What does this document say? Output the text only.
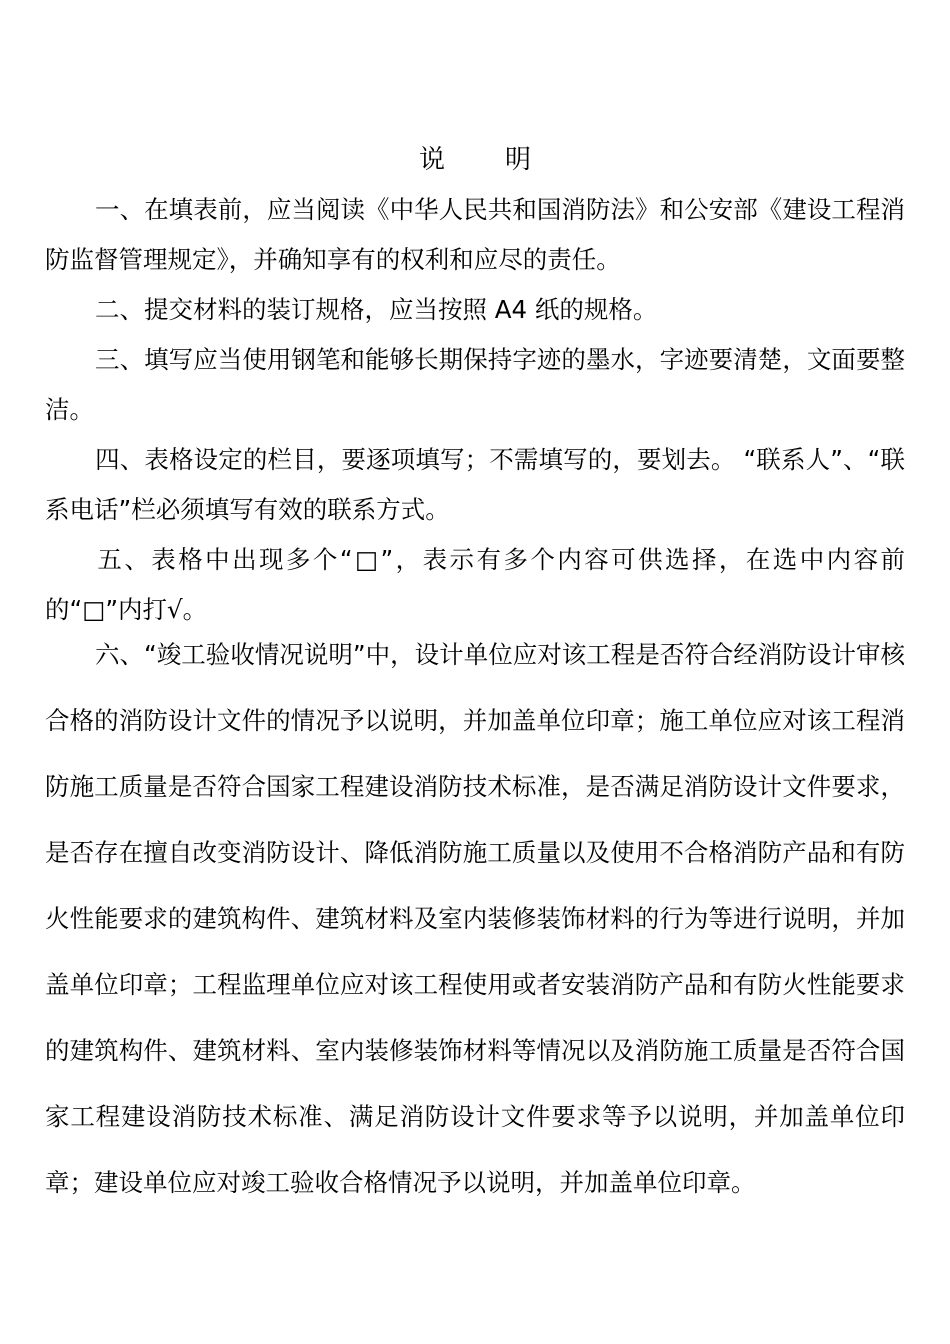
说 明

一、在填表前，应当阅读《中华人民共和国消防法》和公安部《建设工程消防监督管理规定》，并确知享有的权利和应尽的责任。

二、提交材料的装订规格，应当按照 A4 纸的规格。

三、填写应当使用钢笔和能够长期保持字迹的墨水，字迹要清楚，文面要整洁。

四、表格设定的栏目，要逐项填写；不需填写的，要划去。 “联系人”、“联系电话”栏必须填写有效的联系方式。

五、表格中出现多个“□”，表示有多个内容可供选择，在选中内容前的“□”内打√。

六、“竣工验收情况说明”中，设计单位应对该工程是否符合经消防设计审核合格的消防设计文件的情况予以说明，并加盖单位印章；施工单位应对该工程消防施工质量是否符合国家工程建设消防技术标准，是否满足消防设计文件要求，是否存在擅自改变消防设计、降低消防施工质量以及使用不合格消防产品和有防火性能要求的建筑构件、建筑材料及室内装修装饰材料的行为等进行说明，并加盖单位印章；工程监理单位应对该工程使用或者安装消防产品和有防火性能要求的建筑构件、建筑材料、室内装修装饰材料等情况以及消防施工质量是否符合国家工程建设消防技术标准、满足消防设计文件要求等予以说明，并加盖单位印章；建设单位应对竣工验收合格情况予以说明，并加盖单位印章。
